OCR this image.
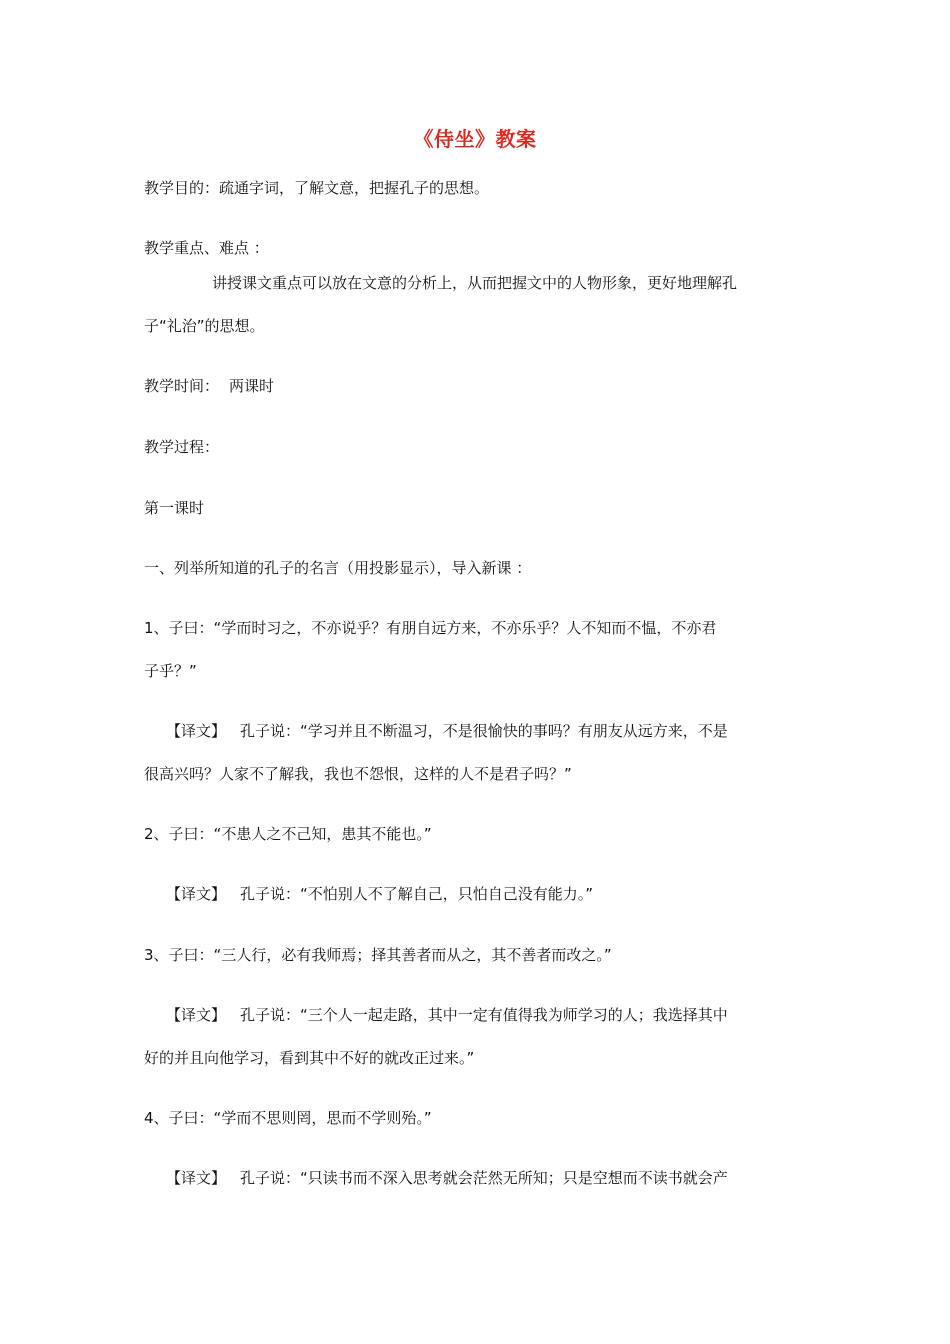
《侍坐》教案
教学目的：疏通字词，了解文意，把握孔子的思想。
教学重点、难点 ：
讲授课文重点可以放在文意的分析上，从而把握文中的人物形象，更好地理解孔
子“礼治”的思想。
教学时间： 两课时
教学过程：
第一课时
一、列举所知道的孔子的名言（用投影显示），导入新课 ：
1、子曰：“学而时习之，不亦说乎？有朋自远方来，不亦乐乎？人不知而不愠，不亦君
子乎？”
【译文】 孔子说：“学习并且不断温习，不是很愉快的事吗？有朋友从远方来，不是
很高兴吗？人家不了解我，我也不怨恨，这样的人不是君子吗？”
2、子曰：“不患人之不己知，患其不能也。”
【译文】 孔子说：“不怕别人不了解自己，只怕自己没有能力。”
3、子曰：“三人行，必有我师焉；择其善者而从之，其不善者而改之。”
【译文】 孔子说：“三个人一起走路，其中一定有值得我为师学习的人；我选择其中
好的并且向他学习，看到其中不好的就改正过来。”
4、子曰：“学而不思则罔，思而不学则殆。”
【译文】 孔子说：“只读书而不深入思考就会茫然无所知；只是空想而不读书就会产
